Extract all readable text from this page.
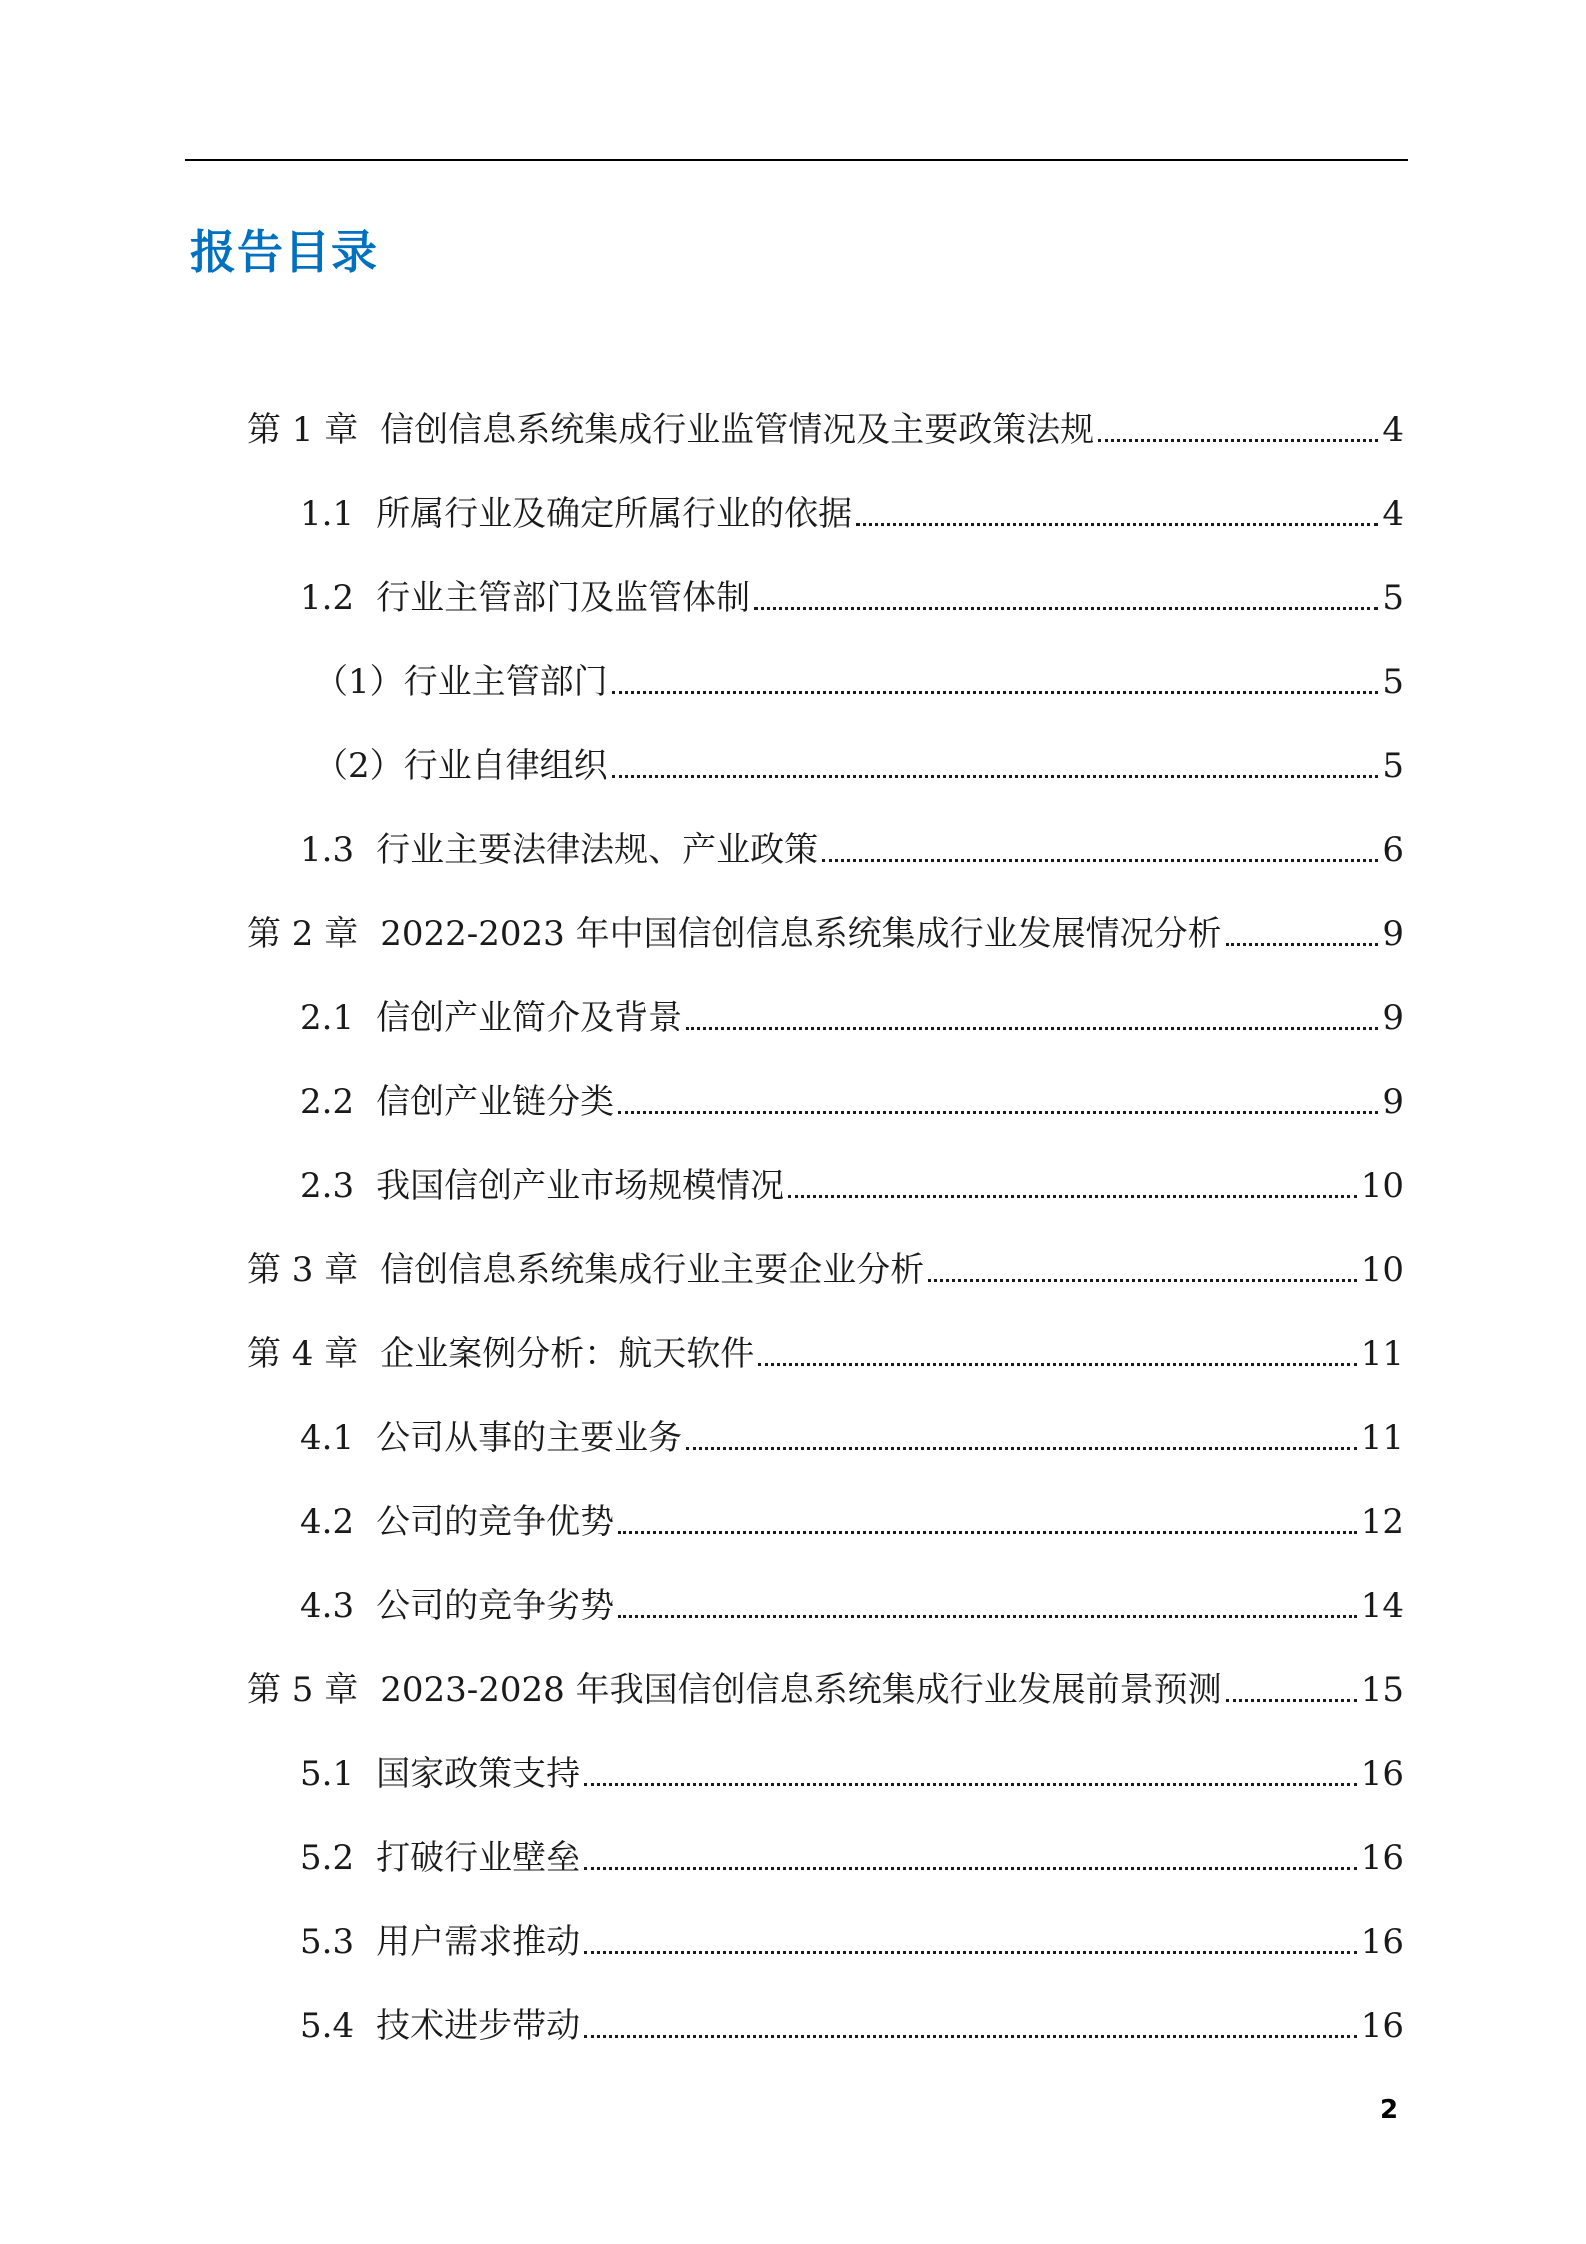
报告目录
第 1 章 信创信息系统集成行业监管情况及主要政策法规	4
1.1 所属行业及确定所属行业的依据	4
1.2 行业主管部门及监管体制	5
（1）行业主管部门	5
（2）行业自律组织	5
1.3 行业主要法律法规、产业政策	6
第 2 章 2022-2023 年中国信创信息系统集成行业发展情况分析	9
2.1 信创产业简介及背景	9
2.2 信创产业链分类	9
2.3 我国信创产业市场规模情况	10
第 3 章 信创信息系统集成行业主要企业分析	10
第 4 章 企业案例分析：航天软件	11
4.1 公司从事的主要业务	11
4.2 公司的竞争优势	12
4.3 公司的竞争劣势	14
第 5 章 2023-2028 年我国信创信息系统集成行业发展前景预测	15
5.1 国家政策支持	16
5.2 打破行业壁垒	16
5.3 用户需求推动	16
5.4 技术进步带动	16
2
